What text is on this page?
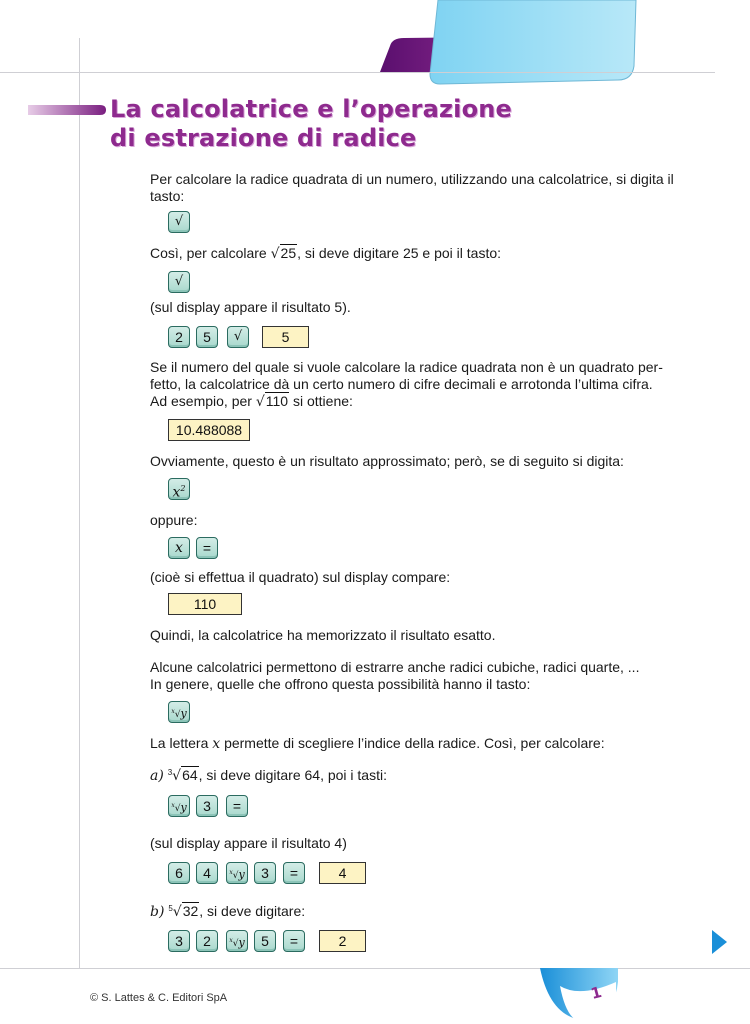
La calcolatrice e l’operazione
di estrazione di radice

Per calcolare la radice quadrata di un numero, utilizzando una calcolatrice, si digita il tasto:

√

Così, per calcolare √25, si deve digitare 25 e poi il tasto:

√

(sul display appare il risultato 5).

2	5	√	5

Se il numero del quale si vuole calcolare la radice quadrata non è un quadrato per-

fetto, la calcolatrice dà un certo numero di cifre decimali e arrotonda l’ultima cifra.

Ad esempio, per √110 si ottiene:

10.488088

Ovviamente, questo è un risultato approssimato; però, se di seguito si digita:

$x^2$

oppure:

x	=

(cioè si effettua il quadrato) sul display compare:

110

Quindi, la calcolatrice ha memorizzato il risultato esatto.

Alcune calcolatrici permettono di estrarre anche radici cubiche, radici quarte, ...

In genere, quelle che offrono questa possibilità hanno il tasto:

$^x$√y

La lettera x permette di scegliere l’indice della radice. Così, per calcolare:

a) $^3$√64, si deve digitare 64, poi i tasti:

$^x$√y	3	=

(sul display appare il risultato 4)

6	4	$^x$√y	3	=	4

b) $^5$√32, si deve digitare:

3	2	$^x$√y	5	=	2
© S. Lattes & C. Editori SpA	1
